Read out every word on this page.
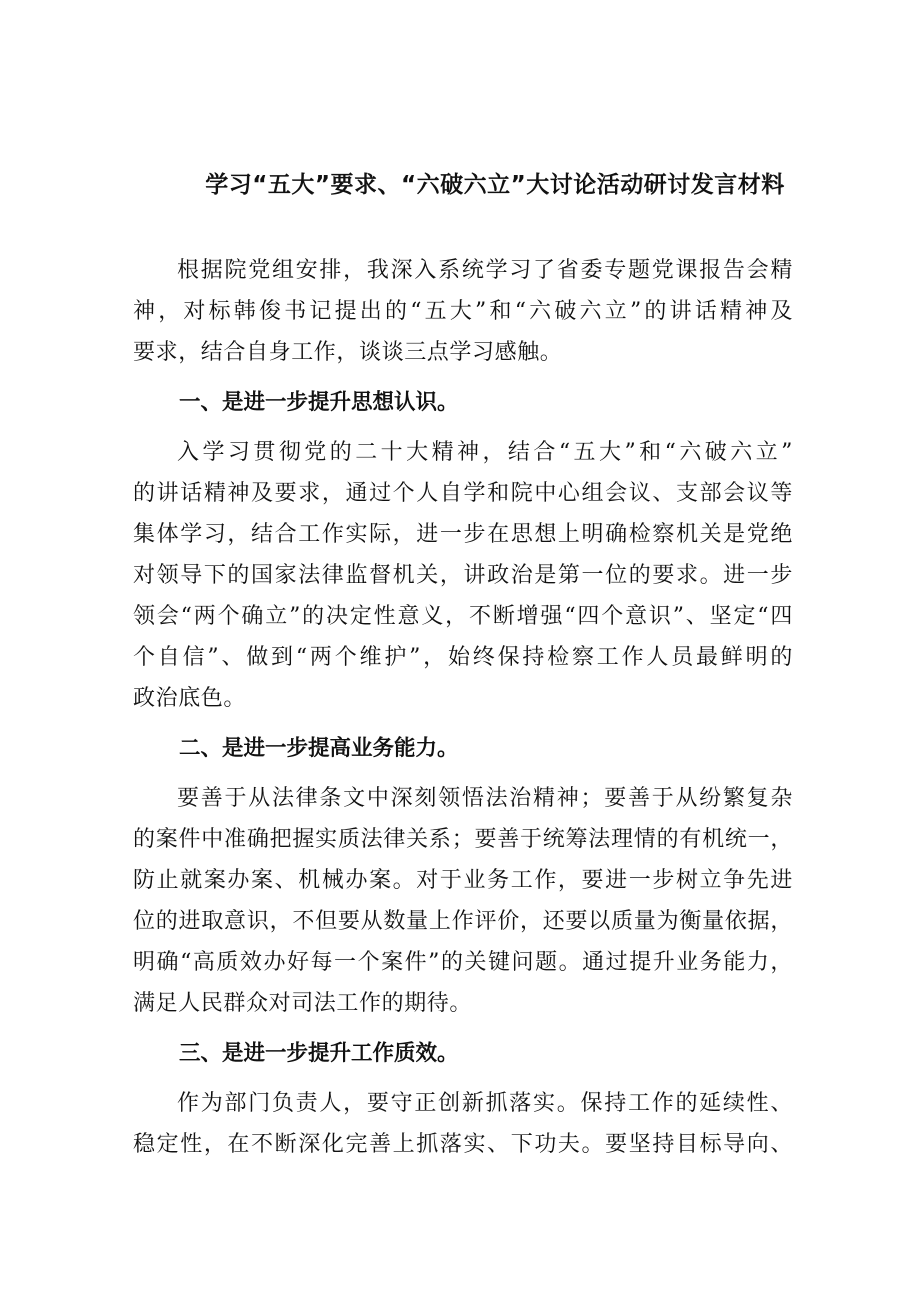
学习“五大”要求、“六破六立”大讨论活动研讨发言材料
根据院党组安排，我深入系统学习了省委专题党课报告会精
神，对标韩俊书记提出的“五大”和“六破六立”的讲话精神及
要求，结合自身工作，谈谈三点学习感触。
一、是进一步提升思想认识。
入学习贯彻党的二十大精神，结合“五大”和“六破六立”
的讲话精神及要求，通过个人自学和院中心组会议、支部会议等
集体学习，结合工作实际，进一步在思想上明确检察机关是党绝
对领导下的国家法律监督机关，讲政治是第一位的要求。进一步
领会“两个确立”的决定性意义，不断增强“四个意识”、坚定“四
个自信”、做到“两个维护”，始终保持检察工作人员最鲜明的
政治底色。
二、是进一步提高业务能力。
要善于从法律条文中深刻领悟法治精神；要善于从纷繁复杂
的案件中准确把握实质法律关系；要善于统筹法理情的有机统一，
防止就案办案、机械办案。对于业务工作，要进一步树立争先进
位的进取意识，不但要从数量上作评价，还要以质量为衡量依据，
明确“高质效办好每一个案件”的关键问题。通过提升业务能力，
满足人民群众对司法工作的期待。
三、是进一步提升工作质效。
作为部门负责人，要守正创新抓落实。保持工作的延续性、
稳定性，在不断深化完善上抓落实、下功夫。要坚持目标导向、
